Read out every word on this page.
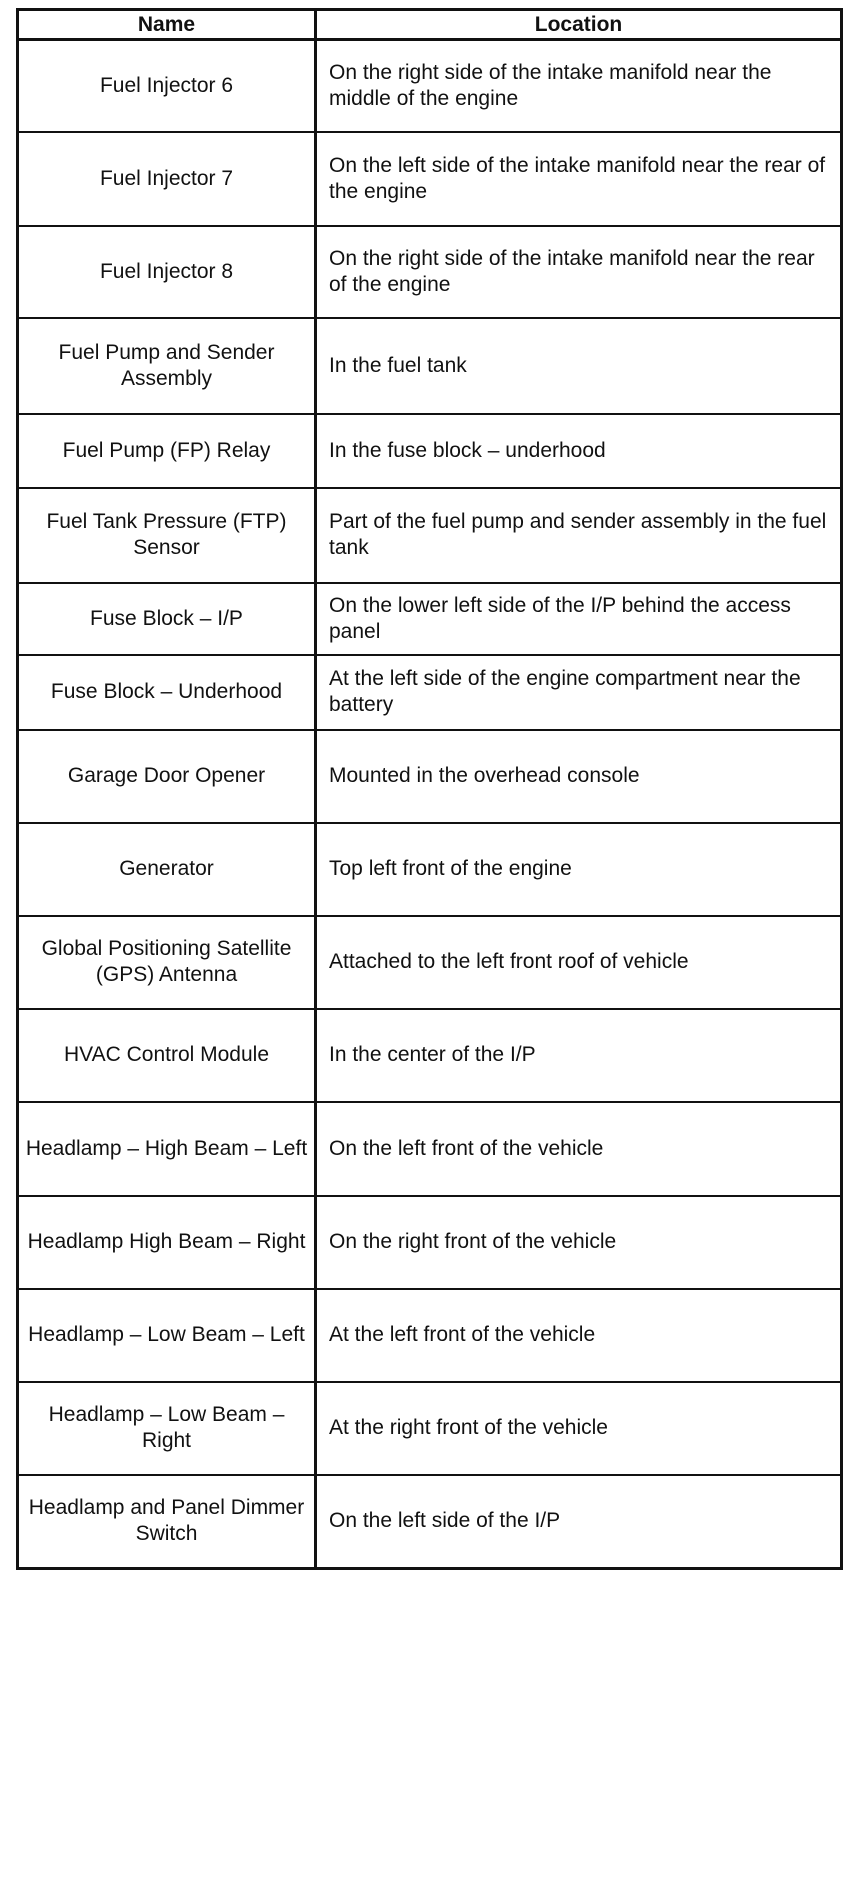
Name	Location
Fuel Injector 6	On the right side of the intake manifold near the middle of the engine
Fuel Injector 7	On the left side of the intake manifold near the rear of the engine
Fuel Injector 8	On the right side of the intake manifold near the rear of the engine
Fuel Pump and Sender Assembly	In the fuel tank
Fuel Pump (FP) Relay	In the fuse block – underhood
Fuel Tank Pressure (FTP) Sensor	Part of the fuel pump and sender assembly in the fuel tank
Fuse Block – I/P	On the lower left side of the I/P behind the access panel
Fuse Block – Underhood	At the left side of the engine compartment near the battery
Garage Door Opener	Mounted in the overhead console
Generator	Top left front of the engine
Global Positioning Satellite (GPS) Antenna	Attached to the left front roof of vehicle
HVAC Control Module	In the center of the I/P
Headlamp – High Beam – Left	On the left front of the vehicle
Headlamp High Beam – Right	On the right front of the vehicle
Headlamp – Low Beam – Left	At the left front of the vehicle
Headlamp – Low Beam – Right	At the right front of the vehicle
Headlamp and Panel Dimmer Switch	On the left side of the I/P
